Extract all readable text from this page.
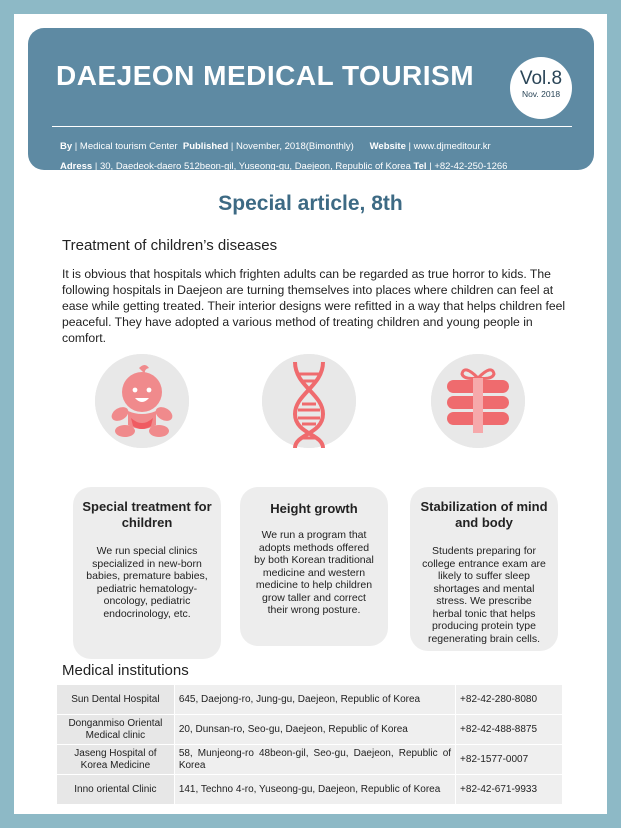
DAEJEON MEDICAL TOURISM	Vol.8
Nov. 2018
By | Medical tourism Center Published | November, 2018(Bimonthly) Website | www.djmeditour.kr
Adress | 30, Daedeok-daero 512beon-gil, Yuseong-gu, Daejeon, Republic of Korea Tel | +82-42-250-1266
Special article, 8th
Treatment of children’s diseases
It is obvious that hospitals which frighten adults can be regarded as true horror to kids. The following hospitals in Daejeon are turning themselves into places where children can feel at ease while getting treated. Their interior designs were refitted in a way that helps children feel peaceful. They have adopted a various method of treating children and young people in comfort.
Special treatment for children
We run special clinics specialized in new-born babies, premature babies, pediatric hematology-oncology, pediatric endocrinology, etc.
Height growth
We run a program that adopts methods offered by both Korean traditional medicine and western medicine to help children grow taller and correct their wrong posture.
Stabilization of mind and body
Students preparing for college entrance exam are likely to suffer sleep shortages and mental stress. We prescribe herbal tonic that helps producing protein type regenerating brain cells.
Medical institutions
Sun Dental Hospital	645, Daejong-ro, Jung-gu, Daejeon, Republic of Korea	+82-42-280-8080
Donganmiso Oriental Medical clinic	20, Dunsan-ro, Seo-gu, Daejeon, Republic of Korea	+82-42-488-8875
Jaseng Hospital of Korea Medicine	58, Munjeong-ro 48beon-gil, Seo-gu, Daejeon, Republic of Korea	+82-1577-0007
Inno oriental Clinic	141, Techno 4-ro, Yuseong-gu, Daejeon, Republic of Korea	+82-42-671-9933
